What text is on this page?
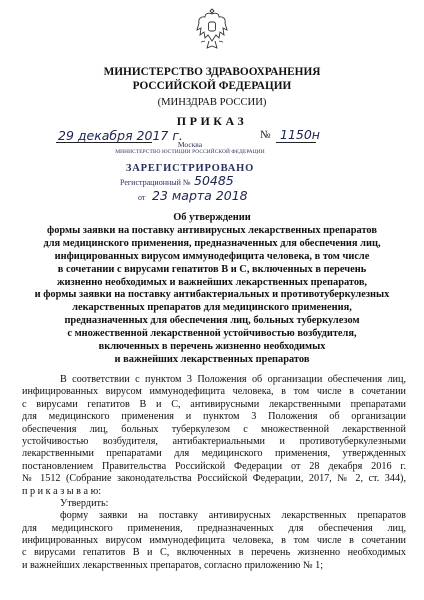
МИНИСТЕРСТВО ЗДРАВООХРАНЕНИЯ
РОССИЙСКОЙ ФЕДЕРАЦИИ
(МИНЗДРАВ РОССИИ)
ПРИКАЗ
29 декабря 2017 г.	№ 1150н
Москва
МИНИСТЕРСТВО ЮСТИЦИИ РОССИЙСКОЙ ФЕДЕРАЦИИ
ЗАРЕГИСТРИРОВАНО
Регистрационный № 50485
от 23 марта 2018
Об утверждении
формы заявки на поставку антивирусных лекарственных препаратов
для медицинского применения, предназначенных для обеспечения лиц,
инфицированных вирусом иммунодефицита человека, в том числе
в сочетании с вирусами гепатитов В и С, включенных в перечень
жизненно необходимых и важнейших лекарственных препаратов,
и формы заявки на поставку антибактериальных и противотуберкулезных
лекарственных препаратов для медицинского применения,
предназначенных для обеспечения лиц, больных туберкулезом
с множественной лекарственной устойчивостью возбудителя,
включенных в перечень жизненно необходимых
и важнейших лекарственных препаратов
В соответствии с пунктом 3 Положения об организации обеспечения лиц,
инфицированных вирусом иммунодефицита человека, в том числе в сочетании
с вирусами гепатитов В и С, антивирусными лекарственными препаратами
для медицинского применения и пунктом 3 Положения об организации
обеспечения лиц, больных туберкулезом с множественной лекарственной
устойчивостью возбудителя, антибактериальными и противотуберкулезными
лекарственными препаратами для медицинского применения, утвержденных
постановлением Правительства Российской Федерации от 28 декабря 2016 г.
№ 1512 (Собрание законодательства Российской Федерации, 2017, № 2, ст. 344),
п р и к а з ы в а ю:
Утвердить:
форму заявки на поставку антивирусных лекарственных препаратов
для медицинского применения, предназначенных для обеспечения лиц,
инфицированных вирусом иммунодефицита человека, в том числе в сочетании
с вирусами гепатитов В и С, включенных в перечень жизненно необходимых
и важнейших лекарственных препаратов, согласно приложению № 1;
